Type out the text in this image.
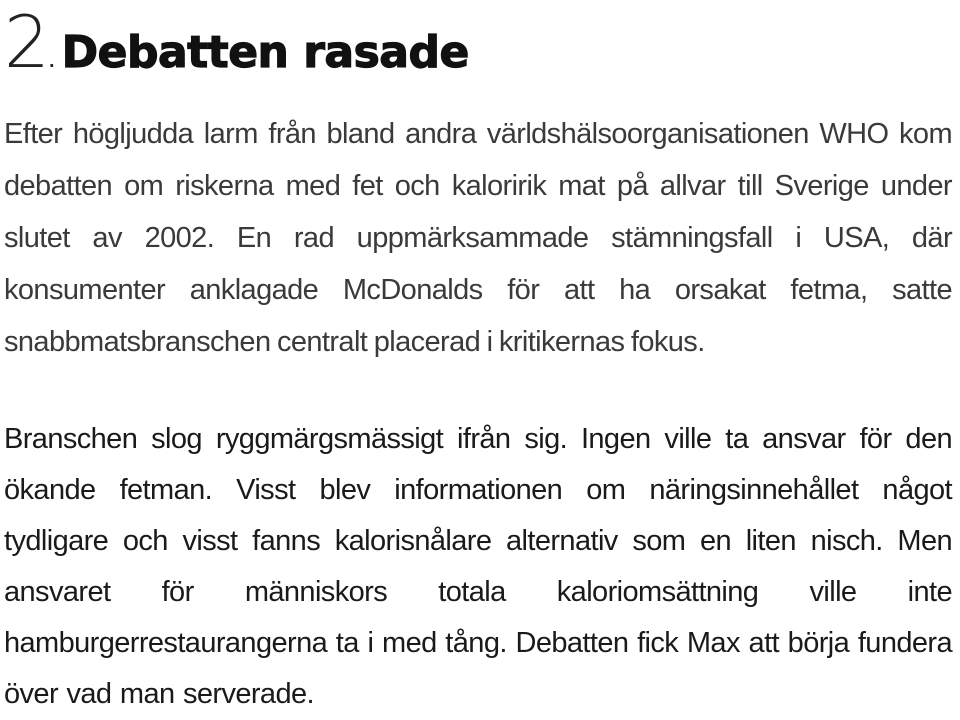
2 . Debatten rasade

Efter högljudda larm från bland andra världshälsoorganisationen WHO kom debatten om riskerna med fet och kaloririk mat på allvar till Sverige under slutet av 2002. En rad uppmärksammade stämningsfall i USA, där konsumenter anklagade McDonalds för att ha orsakat fetma, satte snabbmatsbranschen centralt placerad i kritikernas fokus.

Branschen slog ryggmärgsmässigt ifrån sig. Ingen ville ta ansvar för den ökande fetman. Visst blev informationen om näringsinnehållet något tydligare och visst fanns kalorisnålare alternativ som en liten nisch. Men ansvaret för människors totala kaloriomsättning ville inte hamburgerrestaurangerna ta i med tång. Debatten fick Max att börja fundera över vad man serverade.
